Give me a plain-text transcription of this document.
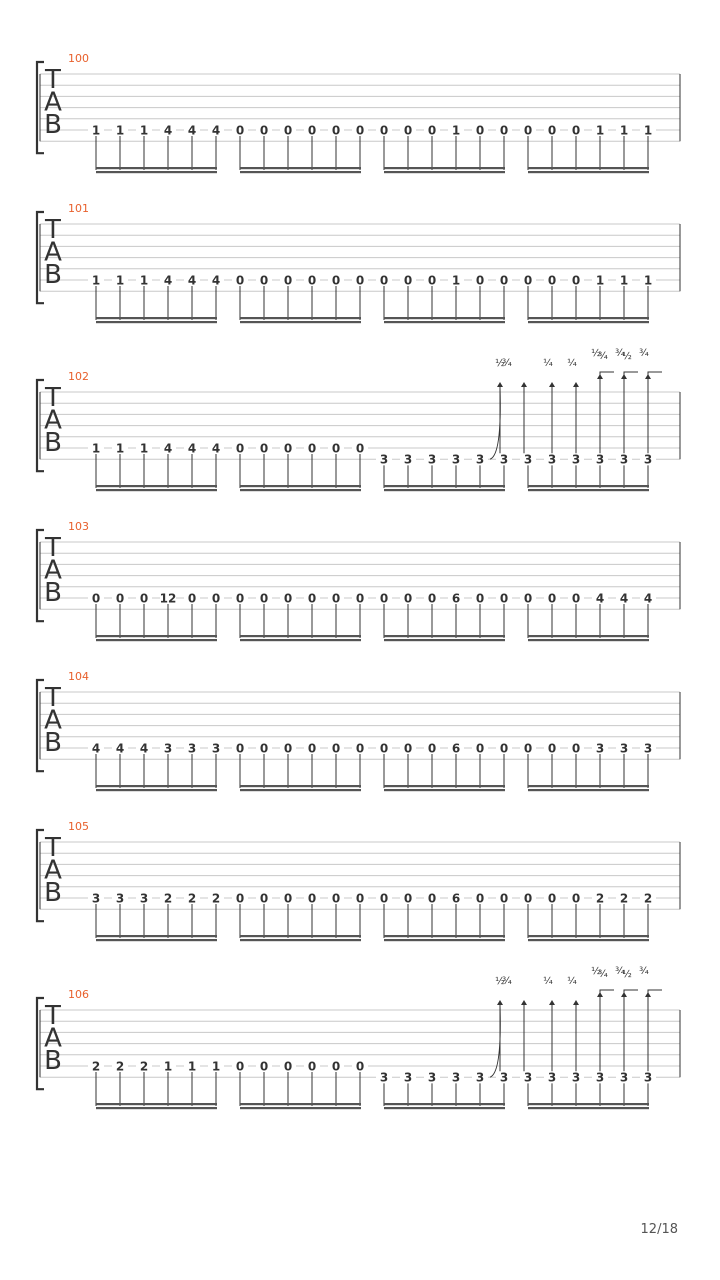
100
T
A
B 1 1 1 4 4 4 0 0 0 0 0 0 0 0 0 1 0 0 0 0 0 1 1 1
101
T
A
B 1 1 1 4 4 4 0 0 0 0 0 0 0 0 0 1 0 0 0 0 0 1 1 1
102
T
A
B 1 1 1 4 4 4 0 0 0 0 0 0
3 3 3 3 3 3 3 3 3 3 3 3
½
¾	¼ ¼
½
¾ ¾
½ ¾
103
T
A
B 0 0 0 12 0 0 0 0 0 0 0 0 0 0 0 6 0 0 0 0 0 4 4 4
104
T
A
B 4 4 4 3 3 3 0 0 0 0 0 0 0 0 0 6 0 0 0 0 0 3 3 3
105
T
A
B 3 3 3 2 2 2 0 0 0 0 0 0 0 0 0 6 0 0 0 0 0 2 2 2
106
T
A
B 2 2 2 1 1 1 0 0 0 0 0 0
3 3 3 3 3 3 3 3 3 3 3 3
½
¾	¼ ¼
½
¾ ¾
½ ¾
12/18
